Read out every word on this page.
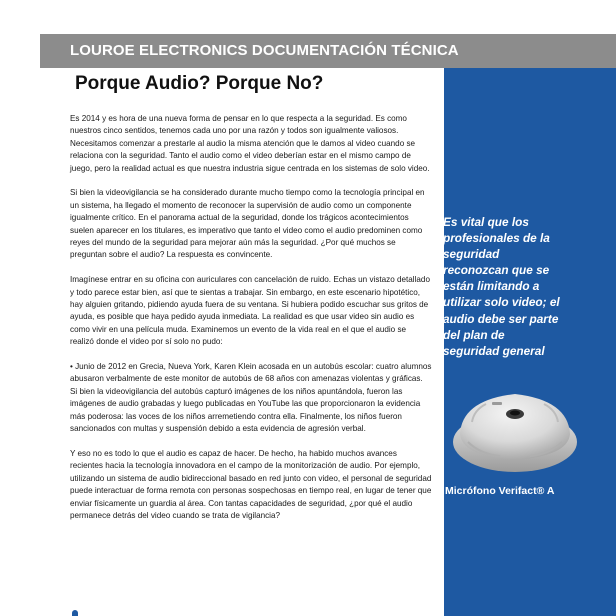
LOUROE ELECTRONICS DOCUMENTACIÓN TÉCNICA
Porque Audio? Porque No?

Es 2014 y es hora de una nueva forma de pensar en lo que respecta a la seguridad. Es como nuestros cinco sentidos, tenemos cada uno por una razón y todos son igualmente valiosos. Necesitamos comenzar a prestarle al audio la misma atención que le damos al video cuando se relaciona con la seguridad. Tanto el audio como el video deberían estar en el mismo campo de juego, pero la realidad actual es que nuestra industria sigue centrada en los sistemas de solo video.

Si bien la videovigilancia se ha considerado durante mucho tiempo como la tecnología principal en un sistema, ha llegado el momento de reconocer la supervisión de audio como un componente igualmente crítico. En el panorama actual de la seguridad, donde los trágicos acontecimientos suelen aparecer en los titulares, es imperativo que tanto el video como el audio predominen como reyes del mundo de la seguridad para mejorar aún más la seguridad. ¿Por qué muchos se preguntan sobre el audio? La respuesta es convincente.

Imagínese entrar en su oficina con auriculares con cancelación de ruido. Echas un vistazo detallado y todo parece estar bien, así que te sientas a trabajar. Sin embargo, en este escenario hipotético, hay alguien gritando, pidiendo ayuda fuera de su ventana. Si hubiera podido escuchar sus gritos de ayuda, es posible que haya pedido ayuda inmediata. La realidad es que usar video sin audio es como vivir en una película muda. Examinemos un evento de la vida real en el que el audio se realizó donde el video por sí solo no pudo:

• Junio de 2012 en Grecia, Nueva York, Karen Klein acosada en un autobús escolar: cuatro alumnos abusaron verbalmente de este monitor de autobús de 68 años con amenazas violentas y gráficas. Si bien la videovigilancia del autobús capturó imágenes de los niños apuntándola, fueron las imágenes de audio grabadas y luego publicadas en YouTube las que proporcionaron la evidencia más poderosa: las voces de los niños arremetiendo contra ella. Finalmente, los niños fueron sancionados con multas y suspensión debido a esta evidencia de agresión verbal.

Y eso no es todo lo que el audio es capaz de hacer. De hecho, ha habido muchos avances recientes hacia la tecnología innovadora en el campo de la monitorización de audio. Por ejemplo, utilizando un sistema de audio bidireccional basado en red junto con video, el personal de seguridad puede interactuar de forma remota con personas sospechosas en tiempo real, en lugar de tener que enviar físicamente un guardia al área. Con tantas capacidades de seguridad, ¿por qué el audio permanece detrás del video cuando se trata de vigilancia?

Es vital que los
profesionales de la
seguridad
reconozcan que se
están limitando a
utilizar solo video; el
audio debe ser parte
del plan de
seguridad general
Micrófono Verifact® A
